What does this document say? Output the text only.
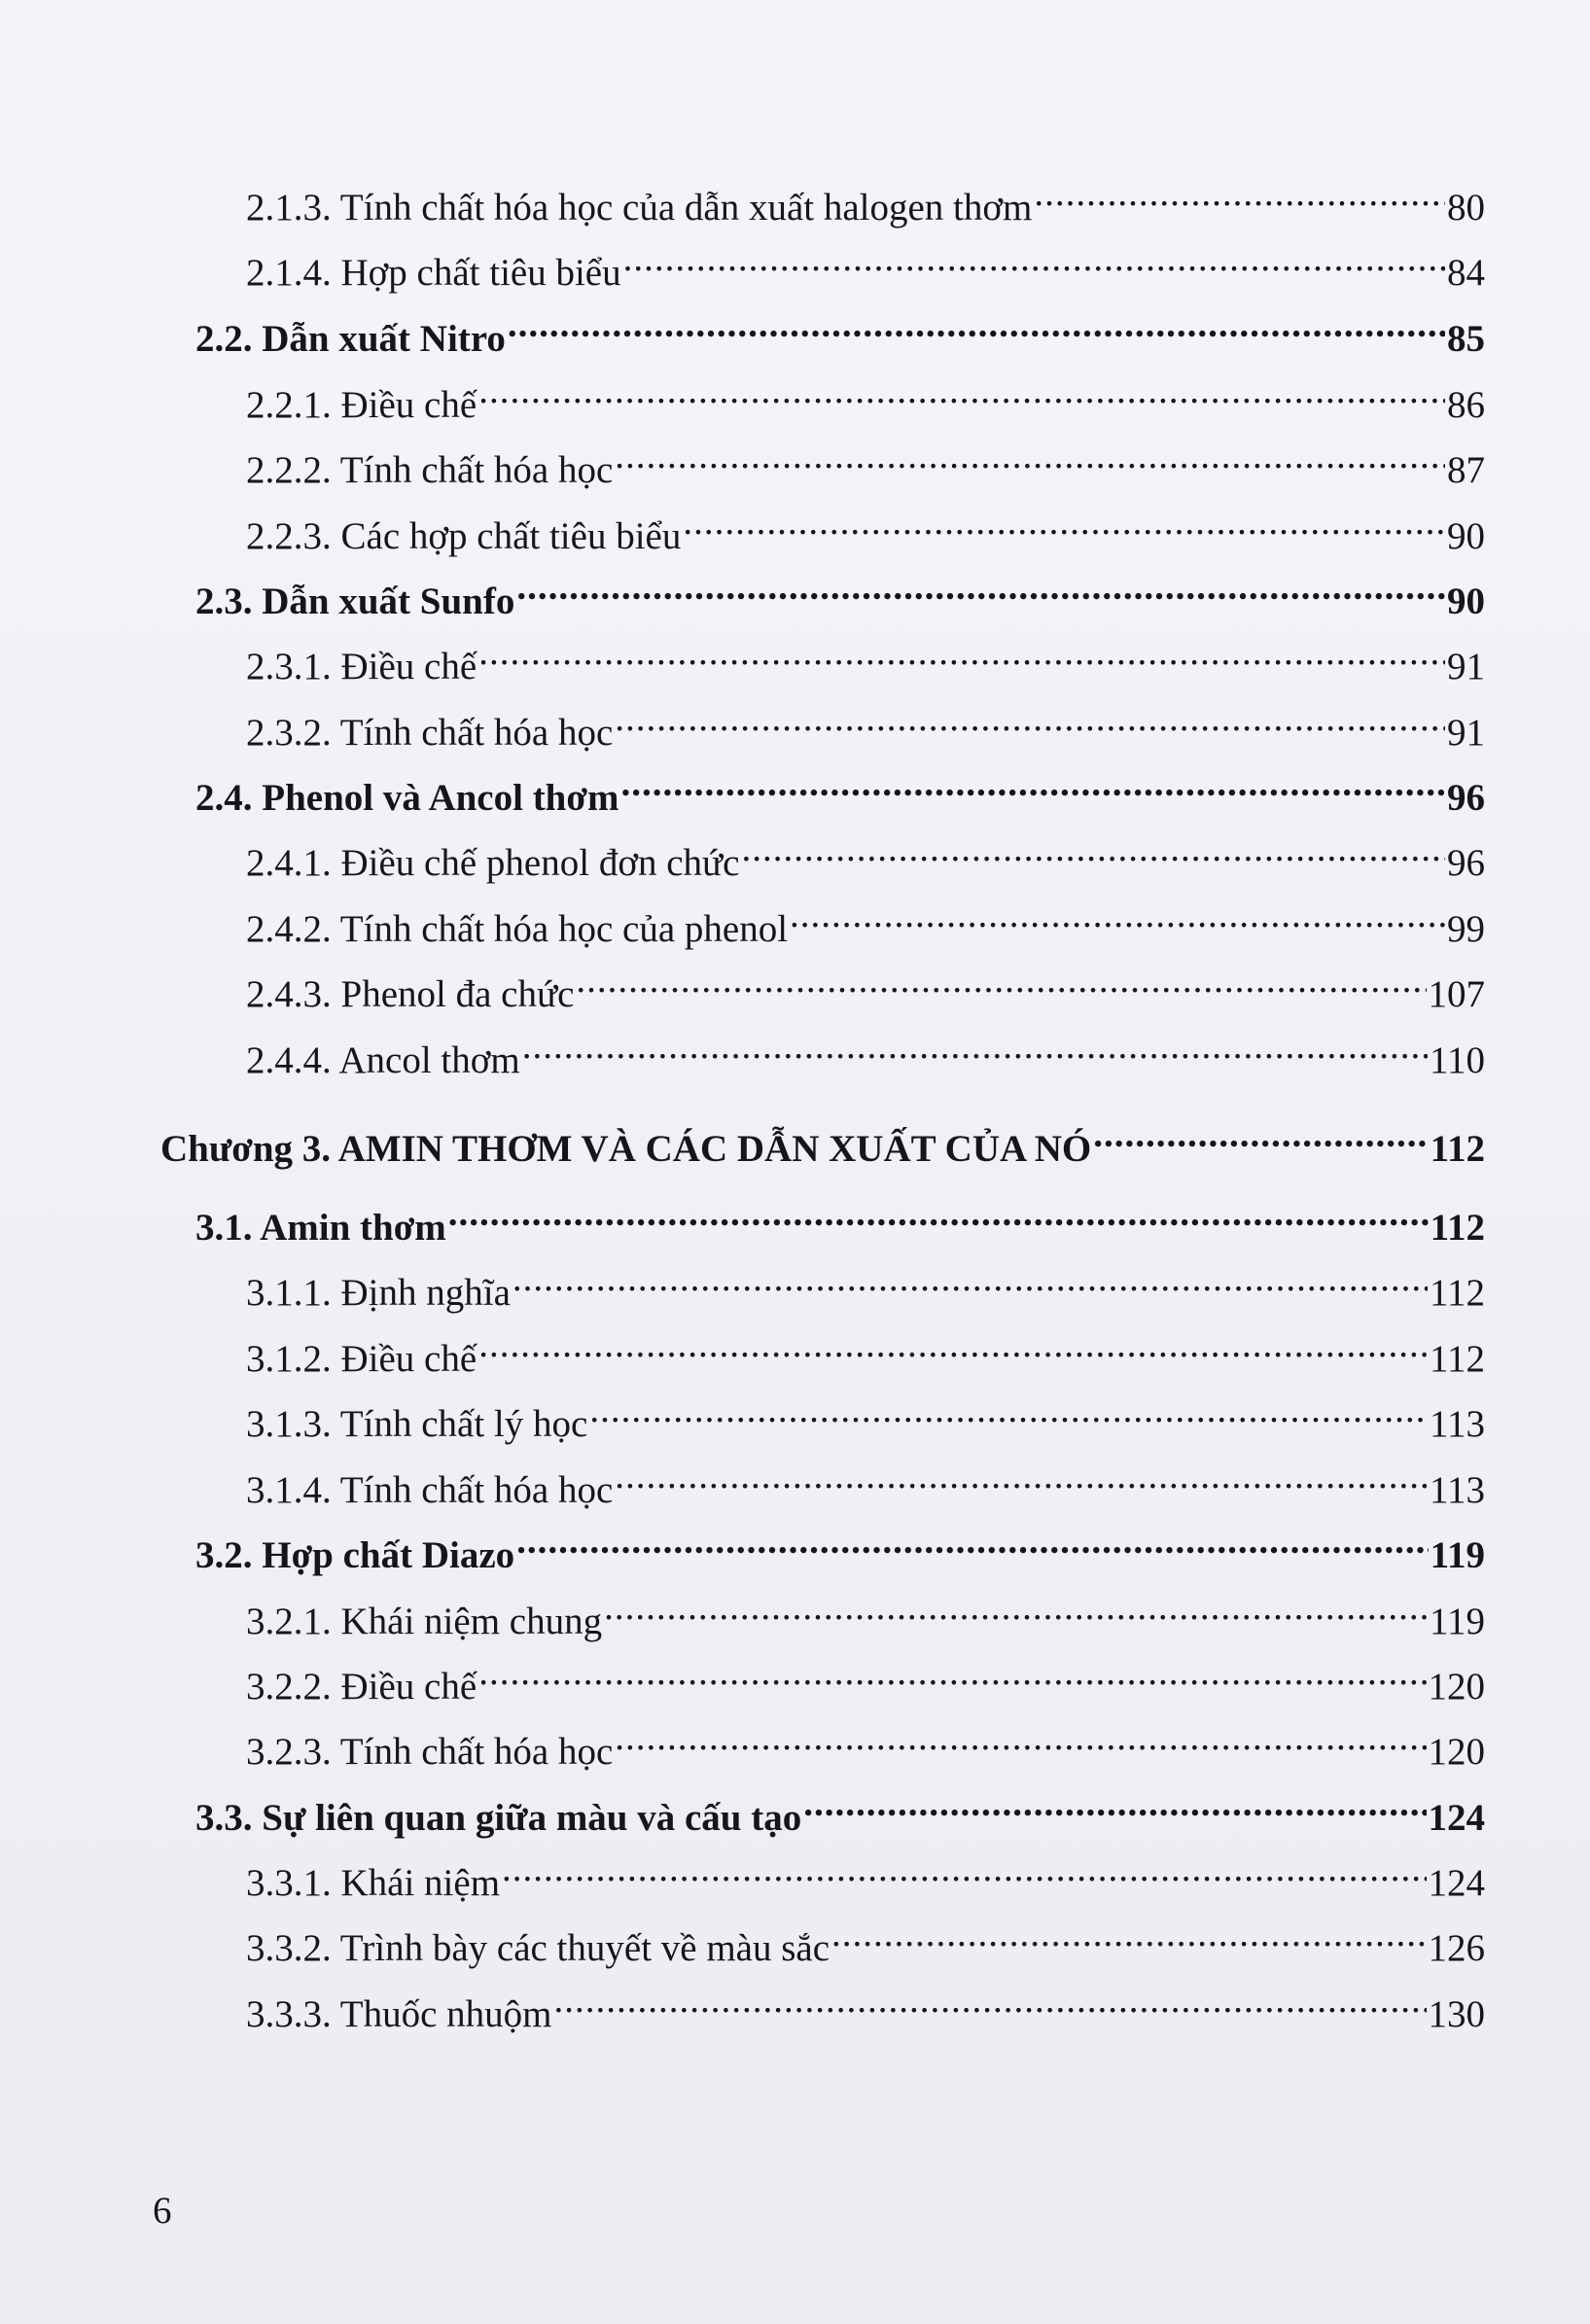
2.1.3. Tính chất hóa học của dẫn xuất halogen thơm .....	80
2.1.4. Hợp chất tiêu biểu .....	84
2.2. Dẫn xuất Nitro .....	85
2.2.1. Điều chế .....	86
2.2.2. Tính chất hóa học .....	87
2.2.3. Các hợp chất tiêu biểu .....	90
2.3. Dẫn xuất Sunfo .....	90
2.3.1. Điều chế .....	91
2.3.2. Tính chất hóa học .....	91
2.4. Phenol và Ancol thơm .....	96
2.4.1. Điều chế phenol đơn chức .....	96
2.4.2. Tính chất hóa học của phenol .....	99
2.4.3. Phenol đa chức .....	107
2.4.4. Ancol thơm .....	110
Chương 3. AMIN THƠM VÀ CÁC DẪN XUẤT CỦA NÓ .....	112
3.1. Amin thơm .....	112
3.1.1. Định nghĩa .....	112
3.1.2. Điều chế .....	112
3.1.3. Tính chất lý học .....	113
3.1.4. Tính chất hóa học .....	113
3.2. Hợp chất Diazo .....	119
3.2.1. Khái niệm chung .....	119
3.2.2. Điều chế .....	120
3.2.3. Tính chất hóa học .....	120
3.3. Sự liên quan giữa màu và cấu tạo .....	124
3.3.1. Khái niệm .....	124
3.3.2. Trình bày các thuyết về màu sắc .....	126
3.3.3. Thuốc nhuộm .....	130
6
